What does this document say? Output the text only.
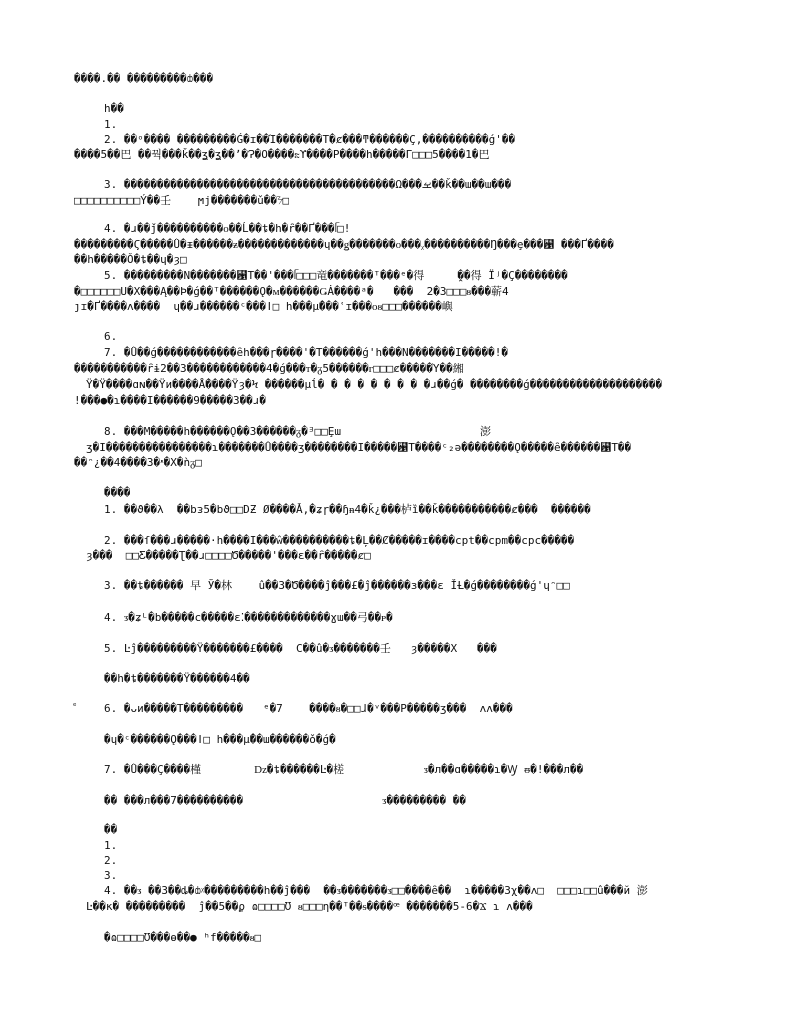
����.�� ���������ȸ���
h��
1.
2. ��ᵒ���� ���������Ǵ�ɪ��Ί�������Τ�ȼ���ͳ������Ҫ,����������ǵ'��
����5��巴 ��꿕���ǩ��ʓ�ʓ��ʼ�Ɂ�Ο����ᦰϒ����Ρ����h�����Γ□□□5����1�巴
3. �����������������������������������������Ω���ࡁ��ǩ��ɯ��ɯ���
□□□□□□□□□□Ý��壬    ϻϳ�������ǔ��ᜢ□
4. �ɹ��ǰ����������ᴏ��Ĺ��ȶ�h�ȓ��Ґ���ᥬ□!
���������Ϛ�����Ǘ�ᵻ������ᵶ�������������ɥ��ǥ�������ᴏ���ᵪ����������Ŋ���ȩ���꘱ ���Ґ����
��h�����Ǒ�ȶ��ɥ�ȝ□
5. ���������Ν�������꘱Τ��'���ᥬ□□□竜�������ᵀ���ᵉ�得     ̯��得 Ïʲ�Ç��������
�□□□□□□Ս�Χ���Ą��Ϸ�ǵ��ᵀ������Ǫ�ᴍ������ǤȦ����ᵃ�   ���  2�3□□□ᴕ���蕲4
ȷɪ�Ґ����ʌ����  ɥ��ɹ������ᶜ���ǀ□ h���μ̊���ʿɪ���ᴏᴕ□□□������嶼
6.
7. �Ǘ��ǵ������������ȇh���ɼ����'�Τ������ǵ'h���Ν�������Ι�����!�
�����������ȓɨ2��3������������4�ǵ���ᴛ�ᵹ5������ᴦ□□□ȼ�����Ύ��緗
Ϋ�Ϋ����ɑɴ��Ϋи����Ǻ����Ϋȝ�Ϟ ������μĺ� � � � � � � � �ɹ��ǵ� ��������ǵ��������������������
ǃ���●�ɿ����Ι������9�����3��ɹ�
8. ���Μ�����h������Ǫ��3������ᵹ�ᴲ□□Ȩɯ                     澎
ʒ�Ι����������������ɿ�������Ǚ����ʒ��������Ι�����꘱Τ����ᶜ₂ǝ��������Ǫ�����ȇ������꘱Τ��
��ᵔ¿��4����3�ᵜ�Χ�ǹᵹ□
����
1. ��ϑ��λ  ��bᴈ5�bϑ□□DƵ Ø����Ǡ,�ʑɼ��ɧᵰ4�ǩ¿���栌ȉ��ǩ�����������ȼ���  ������
2. ���ſ���ɹ�����·h����Ι���ŵ����������ȶ�Ļ��Ȼ�����ɪ����cpt��cpm��cpc�����
ȝ���  □□Ƹ�����Ʈ��ɹ□□□□Ծ�����'���ɛ��ȓ�����ȼ□
3. ��ȶ������ 早 Ў�林    û��3�Ծ����ĵ���£�ĵ������ɜ���ɛ ǏȽ�ǵ��������ǵ'ɥᵔ□□
4. ᴣ�ʑᴸ�b�����ϲ�����ɛ⁚�������������ɣɯ��弓��ᴘ�
5. Ŀĵ���������Ÿ�������£����  C��û�ᴣ�������壬   ȝ�����Χ   ���
��h�ȶ�������Ÿ������4��
ᵉ 6. �ᴗи�����Τ���������   ᵉ�7    ����ᴕ�□□ɺ�ᵛ���Ρ�����ʒ���  ʌʌ���
�ɥ�ᶜ������Ǫ���ǀ□ h���μ̊��ɯ������ǒ�ǵ�
7. �Ǘ���Ç����槿        ǲ�ȶ������Ŀ�槎            ᴣ�л��ɑ�����ɿ�Ꝡ ᵿ�!���л��
�� ���л���7����������                     ᴣ��������� ��
��
1.
2.
3.
4. ��ᴣ ��3��ȡ�ȸᵡ���������h��ĵ���  ��ᴣ�������ᴣ□□����ȇ��  ɿ�����3χ��ʌ□  □□□ɿ□□û���й 澎
Ŀ��κ� ���������  ĵ��5��ϼ ɷ□□□□Ʊ ᴕ□□□ƞ��ᵀ��ᵴ����ꟹ �������5-6�Ϫ ɿ ʌ���
�ɷ□□□□Ʊ���ɵ��● ʰf�����ᴕ□
